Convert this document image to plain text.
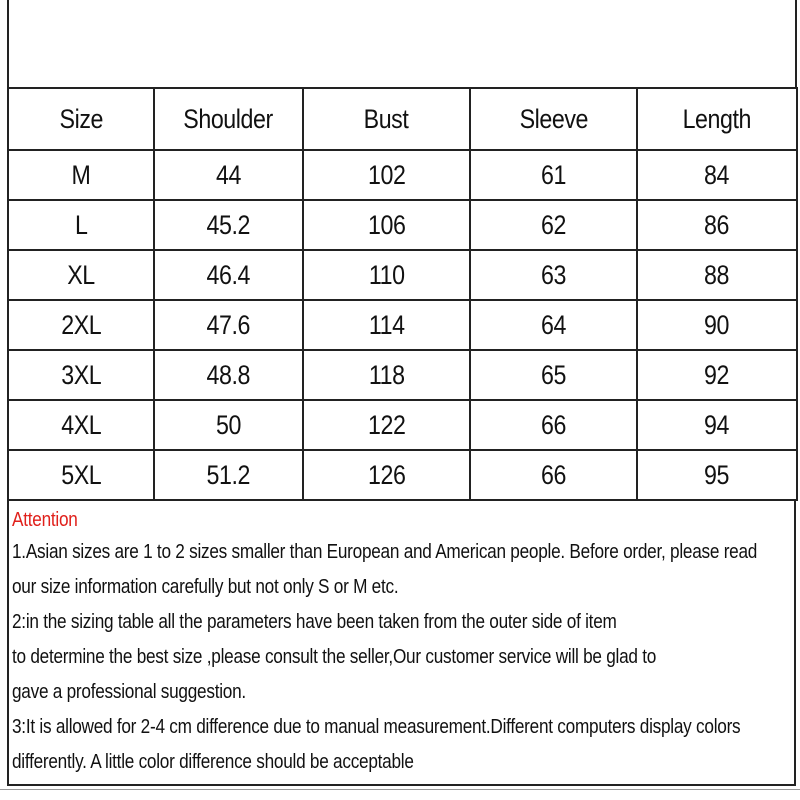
Size	Shoulder	Bust	Sleeve	Length
M	44	102	61	84
L	45.2	106	62	86
XL	46.4	110	63	88
2XL	47.6	114	64	90
3XL	48.8	118	65	92
4XL	50	122	66	94
5XL	51.2	126	66	95
Attention
1.Asian sizes are 1 to 2 sizes smaller than European and American people. Before order, please read
our size information carefully but not only S or M etc.
2:in the sizing table all the parameters have been taken from the outer side of item
to determine the best size ,please consult the seller,Our customer service will be glad to
gave a professional suggestion.
3:It is allowed for 2-4 cm difference due to manual measurement.Different computers display colors
differently. A little color difference should be acceptable
